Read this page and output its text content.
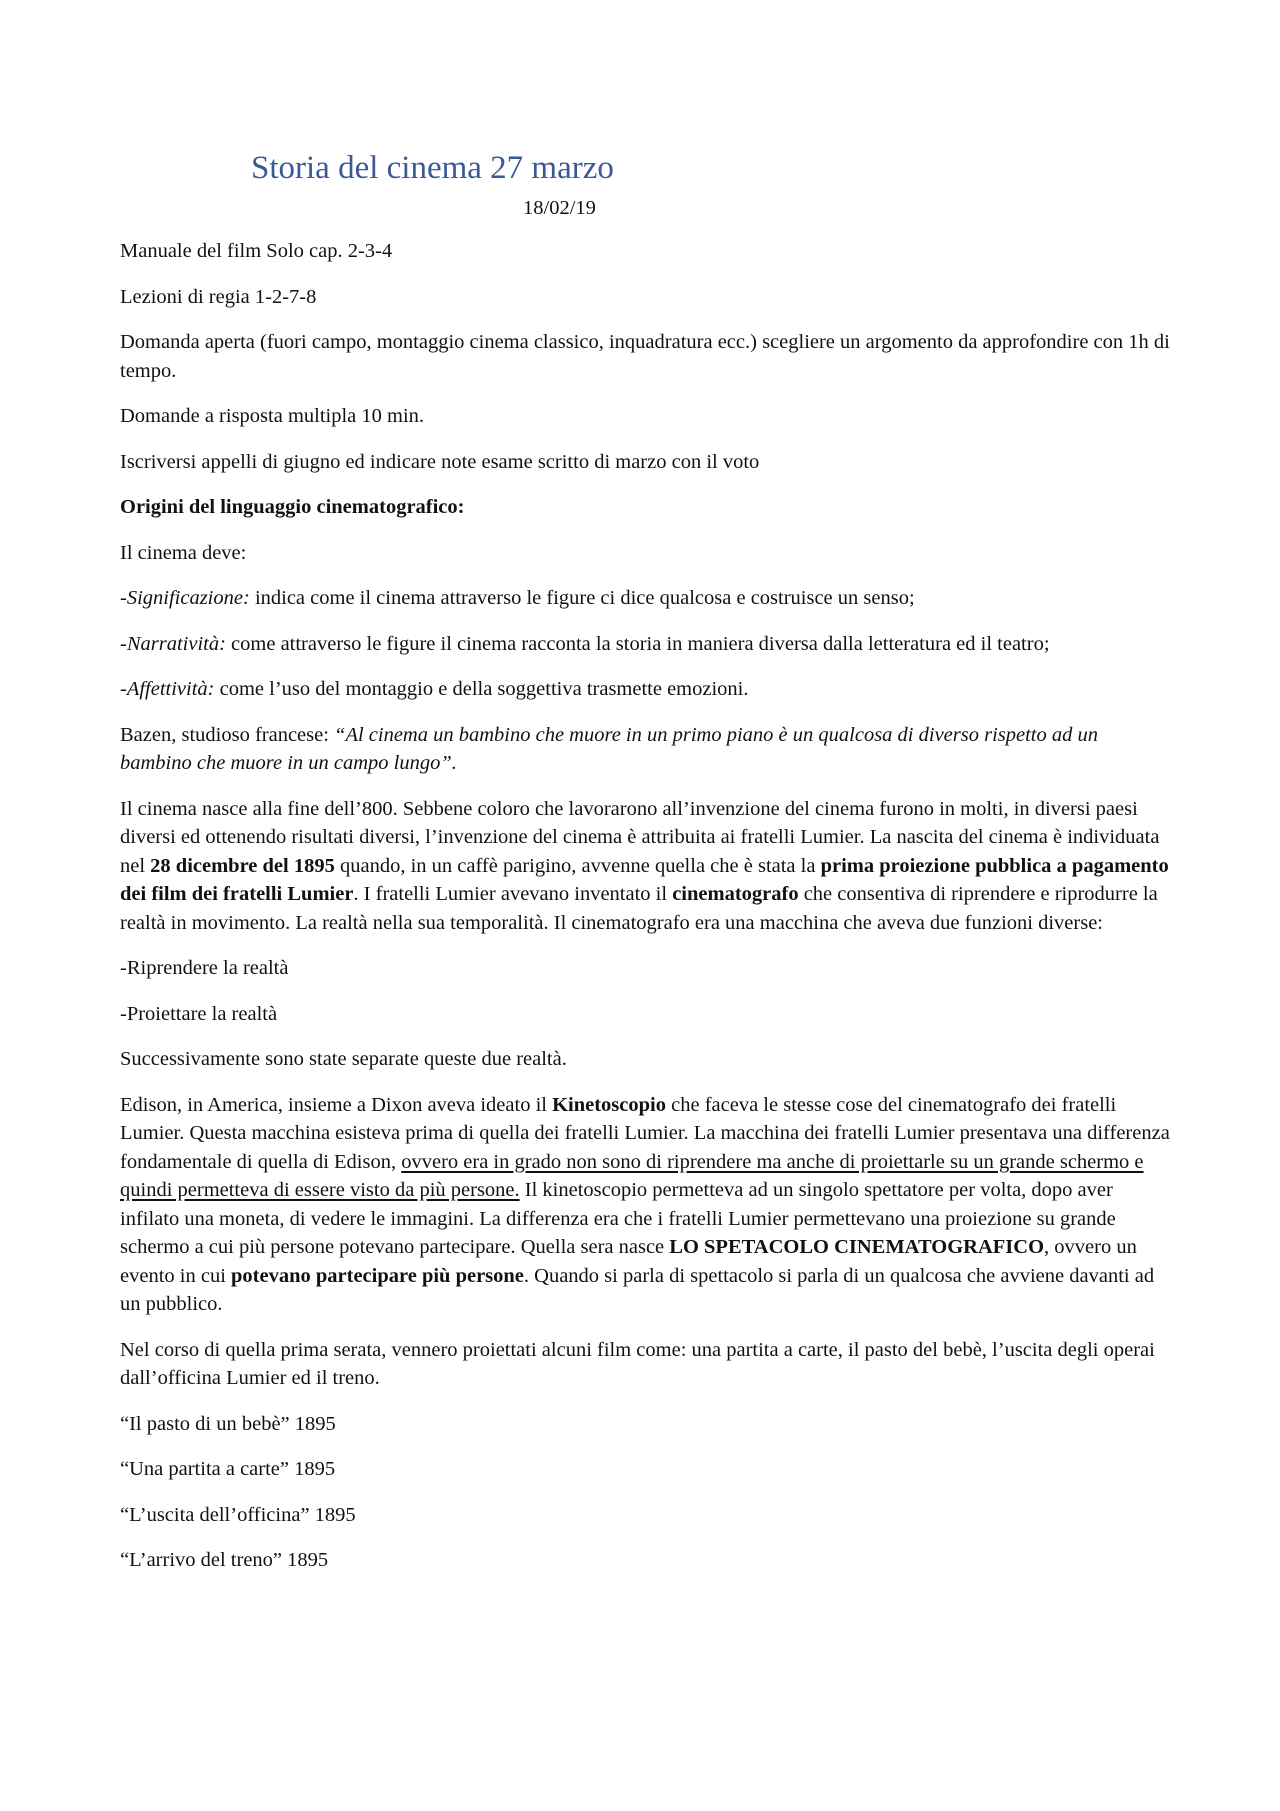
Storia del cinema 27 marzo
18/02/19

Manuale del film Solo cap. 2-3-4

Lezioni di regia 1-2-7-8

Domanda aperta (fuori campo, montaggio cinema classico, inquadratura ecc.) scegliere un argomento da approfondire con 1h di tempo.

Domande a risposta multipla 10 min.

Iscriversi appelli di giugno ed indicare note esame scritto di marzo con il voto

Origini del linguaggio cinematografico:

Il cinema deve:

-Significazione: indica come il cinema attraverso le figure ci dice qualcosa e costruisce un senso;

-Narratività: come attraverso le figure il cinema racconta la storia in maniera diversa dalla letteratura ed il teatro;

-Affettività: come l’uso del montaggio e della soggettiva trasmette emozioni.

Bazen, studioso francese: “Al cinema un bambino che muore in un primo piano è un qualcosa di diverso rispetto ad un bambino che muore in un campo lungo”.

Il cinema nasce alla fine dell’800. Sebbene coloro che lavorarono all’invenzione del cinema furono in molti, in diversi paesi diversi ed ottenendo risultati diversi, l’invenzione del cinema è attribuita ai fratelli Lumier. La nascita del cinema è individuata nel 28 dicembre del 1895 quando, in un caffè parigino, avvenne quella che è stata la prima proiezione pubblica a pagamento dei film dei fratelli Lumier. I fratelli Lumier avevano inventato il cinematografo che consentiva di riprendere e riprodurre la realtà in movimento. La realtà nella sua temporalità. Il cinematografo era una macchina che aveva due funzioni diverse:

-Riprendere la realtà

-Proiettare la realtà

Successivamente sono state separate queste due realtà.

Edison, in America, insieme a Dixon aveva ideato il Kinetoscopio che faceva le stesse cose del cinematografo dei fratelli Lumier. Questa macchina esisteva prima di quella dei fratelli Lumier. La macchina dei fratelli Lumier presentava una differenza fondamentale di quella di Edison, ovvero era in grado non sono di riprendere ma anche di proiettarle su un grande schermo e quindi permetteva di essere visto da più persone. Il kinetoscopio permetteva ad un singolo spettatore per volta, dopo aver infilato una moneta, di vedere le immagini. La differenza era che i fratelli Lumier permettevano una proiezione su grande schermo a cui più persone potevano partecipare. Quella sera nasce LO SPETACOLO CINEMATOGRAFICO, ovvero un evento in cui potevano partecipare più persone. Quando si parla di spettacolo si parla di un qualcosa che avviene davanti ad un pubblico.

Nel corso di quella prima serata, vennero proiettati alcuni film come: una partita a carte, il pasto del bebè, l’uscita degli operai dall’officina Lumier ed il treno.

“Il pasto di un bebè” 1895

“Una partita a carte” 1895

“L’uscita dell’officina” 1895

“L’arrivo del treno” 1895
